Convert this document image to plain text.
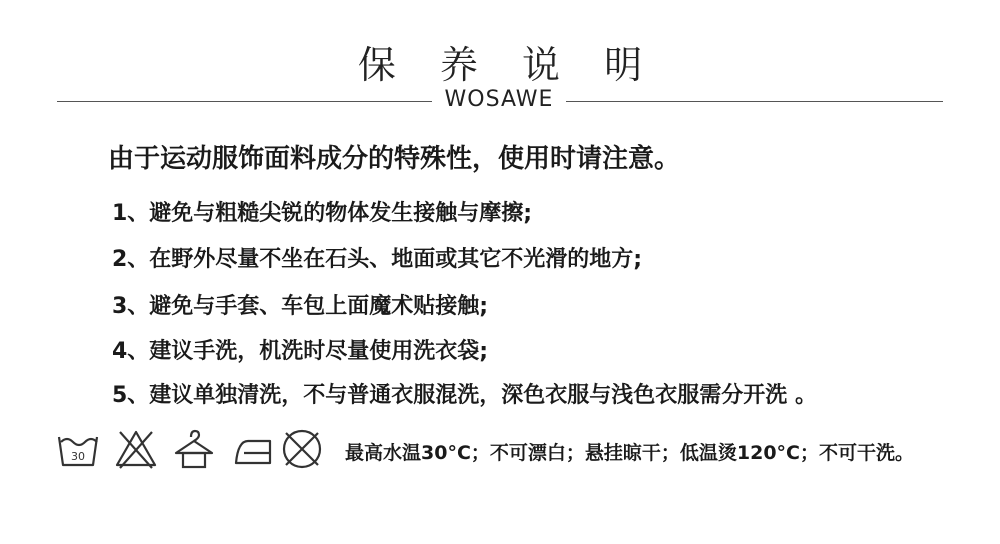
保 养 说 明
WOSAWE
由于运动服饰面料成分的特殊性，使用时请注意。
1、避免与粗糙尖锐的物体发生接触与摩擦;
2、在野外尽量不坐在石头、地面或其它不光滑的地方;
3、避免与手套、车包上面魔术贴接触;
4、建议手洗，机洗时尽量使用洗衣袋;
5、建议单独清洗，不与普通衣服混洗，深色衣服与浅色衣服需分开洗 。
30	最高水温30°C；不可漂白；悬挂晾干；低温烫120°C；不可干洗。
